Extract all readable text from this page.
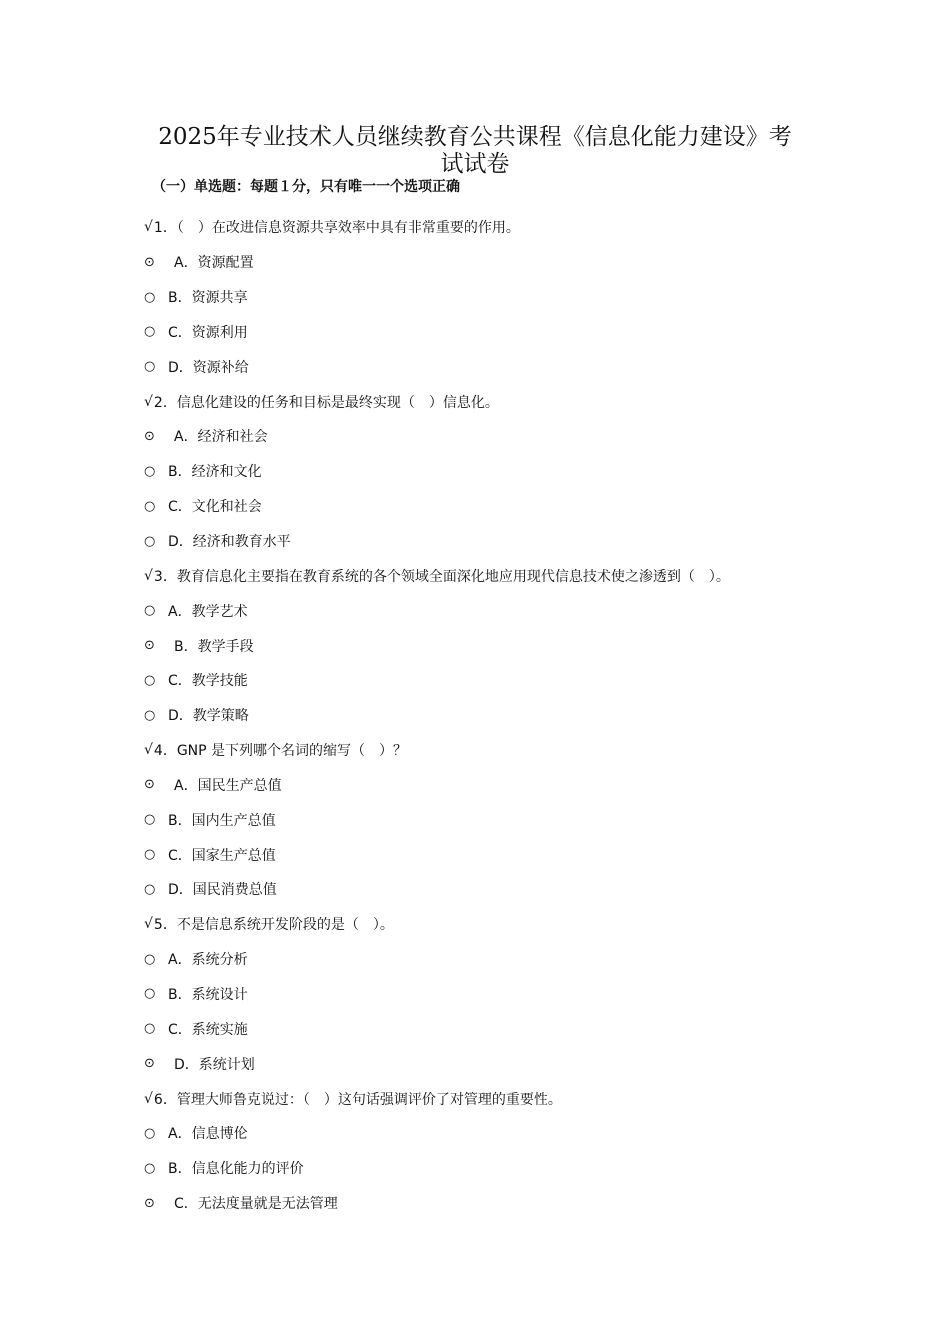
2025年专业技术人员继续教育公共课程《信息化能力建设》考
试试卷
（一）单选题：每题１分，只有唯一一个选项正确
√ 1．（　）在改进信息资源共享效率中具有非常重要的作用。
⊙	A．资源配置
○ B．资源共享
○ C．资源利用
○ D．资源补给
√ 2．信息化建设的任务和目标是最终实现（　）信息化。
⊙	A．经济和社会
○ B．经济和文化
○ C．文化和社会
○ D．经济和教育水平
√ 3．教育信息化主要指在教育系统的各个领域全面深化地应用现代信息技术使之渗透到（　）。
○ A．教学艺术
⊙	B．教学手段
○ C．教学技能
○ D．教学策略
√ 4．GNP 是下列哪个名词的缩写（　）？
⊙	A．国民生产总值
○ B．国内生产总值
○ C．国家生产总值
○ D．国民消费总值
√ 5．不是信息系统开发阶段的是（　）。
○ A．系统分析
○ B．系统设计
○ C．系统实施
⊙	D．系统计划
√ 6．管理大师鲁克说过：（　）这句话强调评价了对管理的重要性。
○ A．信息博伦
○ B．信息化能力的评价
⊙	C．无法度量就是无法管理
